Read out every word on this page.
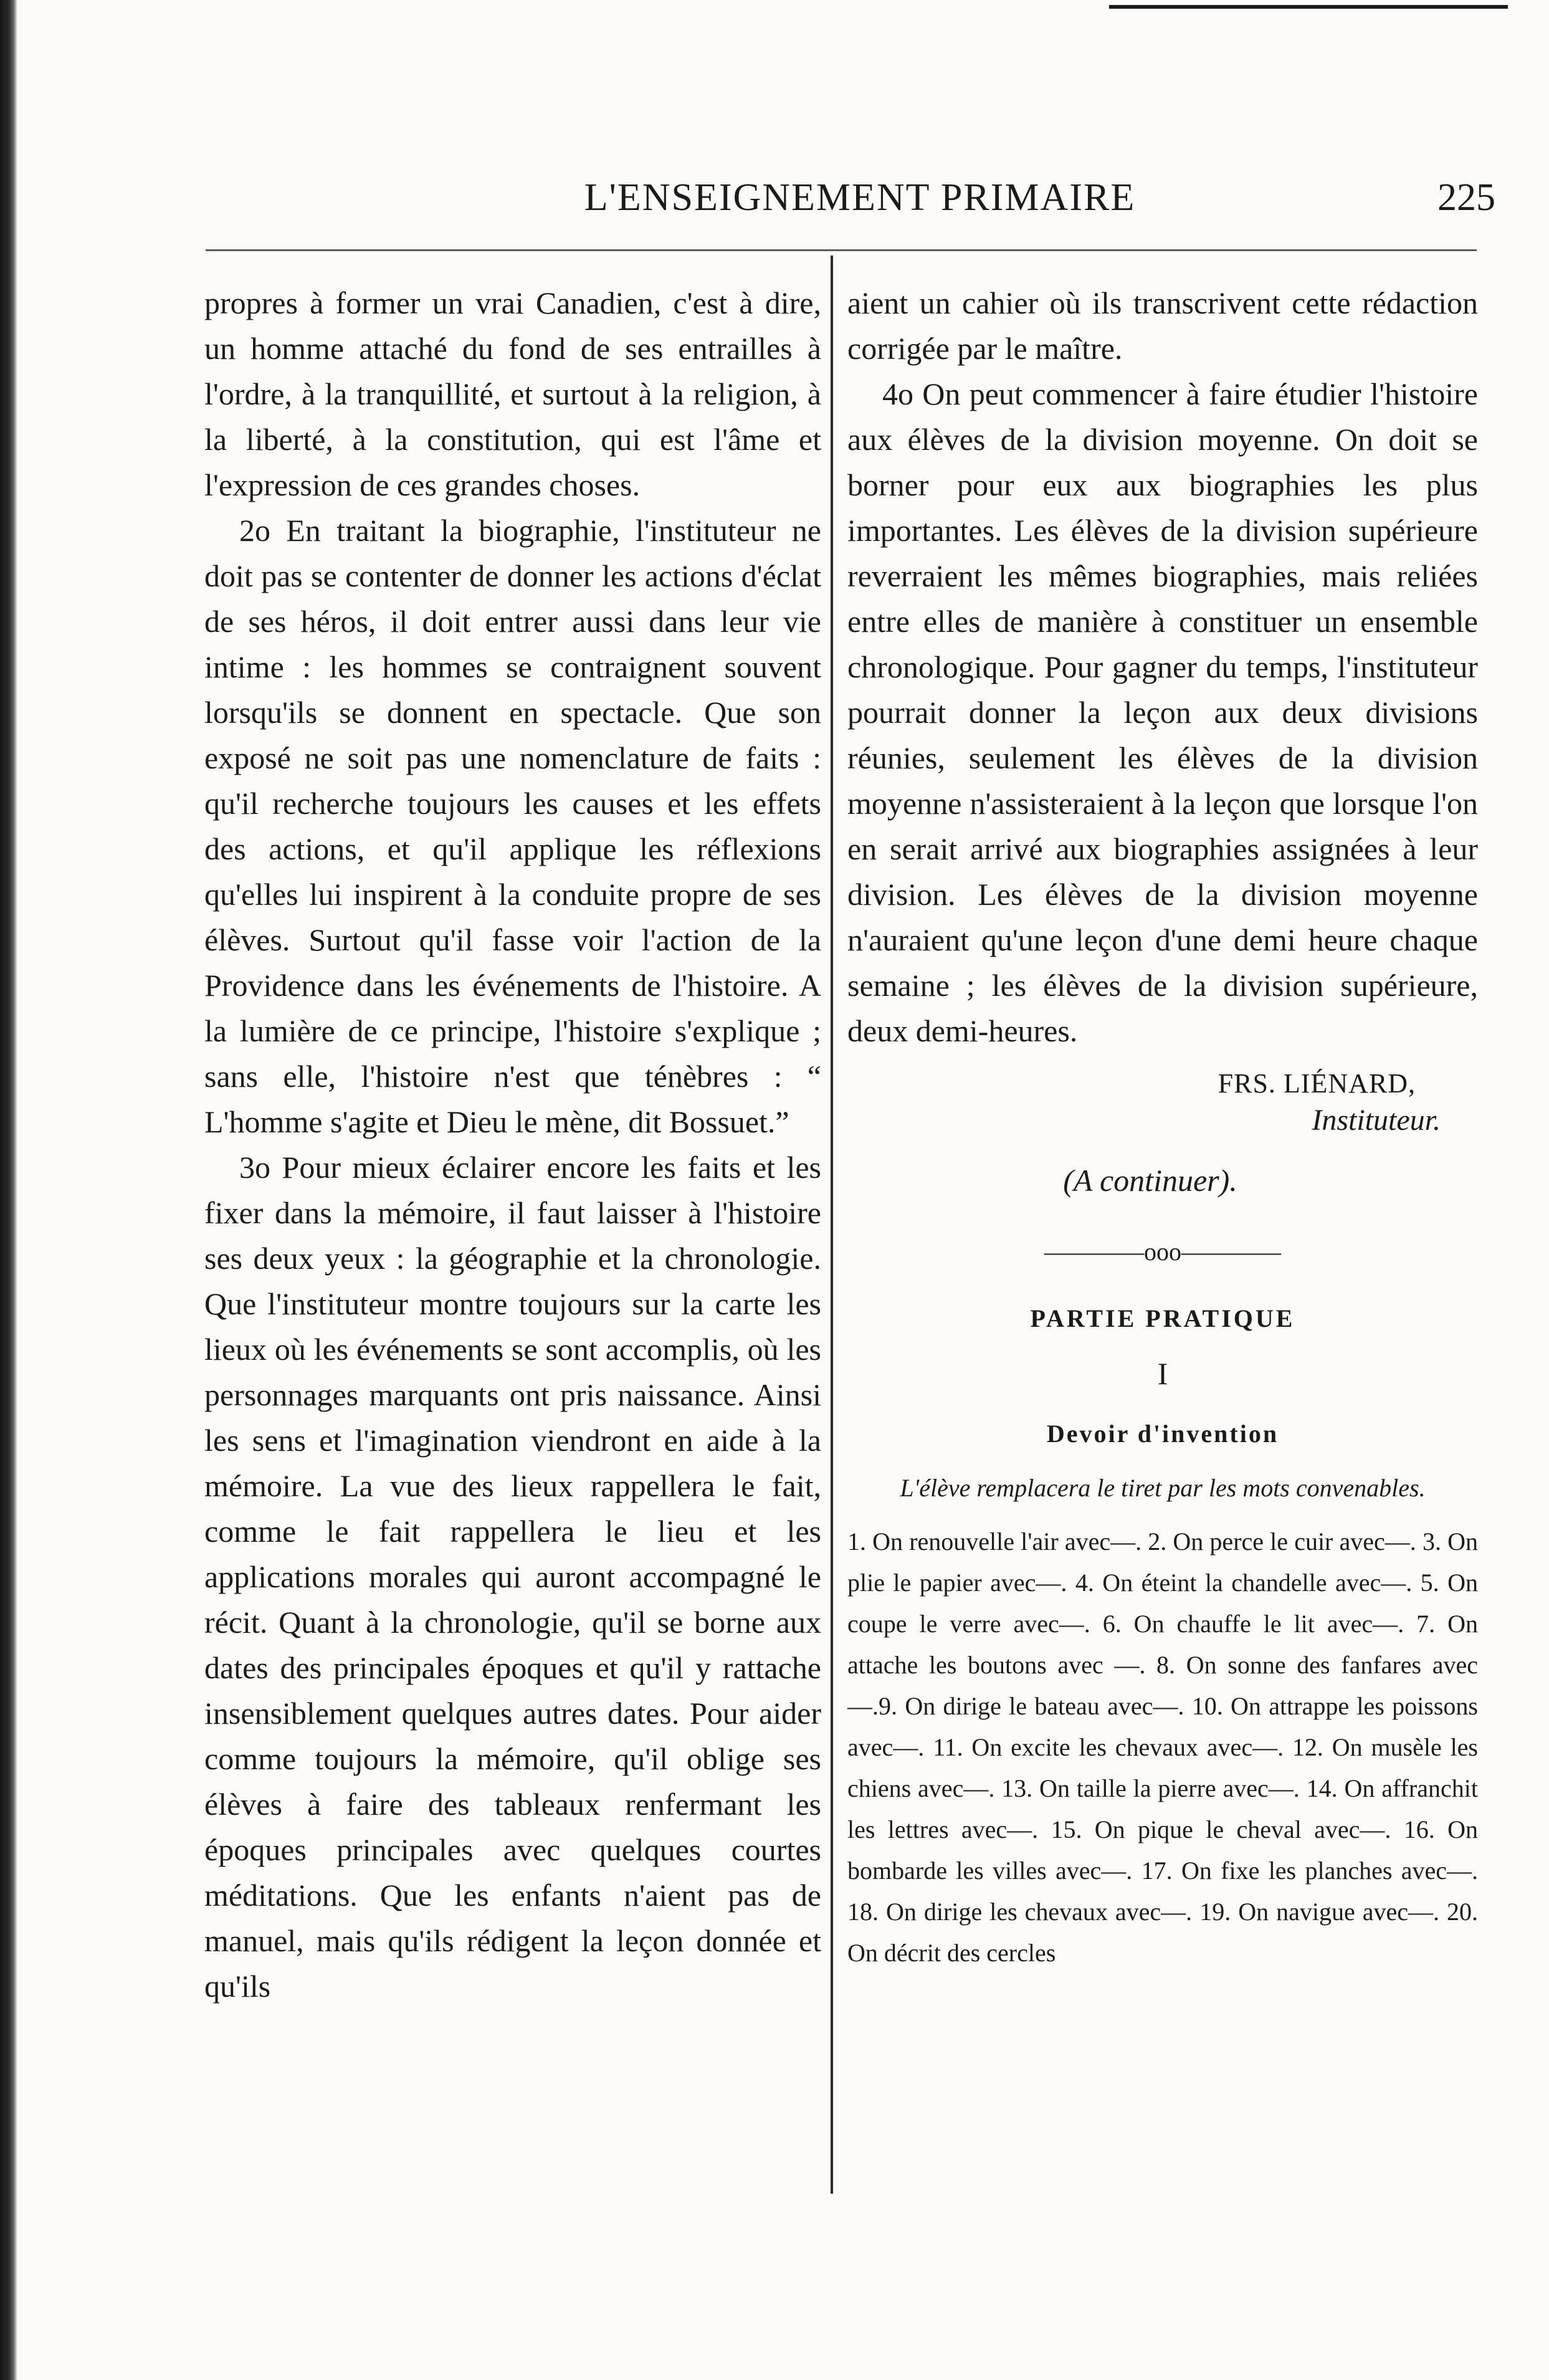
L'ENSEIGNEMENT PRIMAIRE	225

propres à former un vrai Canadien, c'est à dire, un homme attaché du fond de ses entrailles à l'ordre, à la tranquillité, et surtout à la religion, à la liberté, à la constitution, qui est l'âme et l'expression de ces grandes choses.

2o En traitant la biographie, l'instituteur ne doit pas se contenter de donner les actions d'éclat de ses héros, il doit entrer aussi dans leur vie intime : les hommes se contraignent souvent lorsqu'ils se donnent en spectacle. Que son exposé ne soit pas une nomenclature de faits : qu'il recherche toujours les causes et les effets des actions, et qu'il applique les réflexions qu'elles lui inspirent à la conduite propre de ses élèves. Surtout qu'il fasse voir l'action de la Providence dans les événements de l'histoire. A la lumière de ce principe, l'histoire s'explique ; sans elle, l'histoire n'est que ténèbres : “ L'homme s'agite et Dieu le mène, dit Bossuet.”

3o Pour mieux éclairer encore les faits et les fixer dans la mémoire, il faut laisser à l'histoire ses deux yeux : la géographie et la chronologie. Que l'instituteur montre toujours sur la carte les lieux où les événements se sont accomplis, où les personnages marquants ont pris naissance. Ainsi les sens et l'imagination viendront en aide à la mémoire. La vue des lieux rappellera le fait, comme le fait rappellera le lieu et les applications morales qui auront accompagné le récit. Quant à la chronologie, qu'il se borne aux dates des principales époques et qu'il y rattache insensiblement quelques autres dates. Pour aider comme toujours la mémoire, qu'il oblige ses élèves à faire des tableaux renfermant les époques principales avec quelques courtes méditations. Que les enfants n'aient pas de manuel, mais qu'ils rédigent la leçon donnée et qu'ils

aient un cahier où ils transcrivent cette rédaction corrigée par le maître.

4o On peut commencer à faire étudier l'histoire aux élèves de la division moyenne. On doit se borner pour eux aux biographies les plus importantes. Les élèves de la division supérieure reverraient les mêmes biographies, mais reliées entre elles de manière à constituer un ensemble chronologique. Pour gagner du temps, l'instituteur pourrait donner la leçon aux deux divisions réunies, seulement les élèves de la division moyenne n'assisteraient à la leçon que lorsque l'on en serait arrivé aux biographies assignées à leur division. Les élèves de la division moyenne n'auraient qu'une leçon d'une demi heure chaque semaine ; les élèves de la division supérieure, deux demi-heures.

FRS. LIÉNARD,
Instituteur.
(A continuer).
————ooo————
PARTIE PRATIQUE
I
Devoir d'invention
L'élève remplacera le tiret par les mots convenables.

1. On renouvelle l'air avec—. 2. On perce le cuir avec—. 3. On plie le papier avec—. 4. On éteint la chandelle avec—. 5. On coupe le verre avec—. 6. On chauffe le lit avec—. 7. On attache les boutons avec —. 8. On sonne des fanfares avec —.9. On dirige le bateau avec—. 10. On attrappe les poissons avec—. 11. On excite les chevaux avec—. 12. On musèle les chiens avec—. 13. On taille la pierre avec—. 14. On affranchit les lettres avec—. 15. On pique le cheval avec—. 16. On bombarde les villes avec—. 17. On fixe les planches avec—. 18. On dirige les chevaux avec—. 19. On navigue avec—. 20. On décrit des cercles
